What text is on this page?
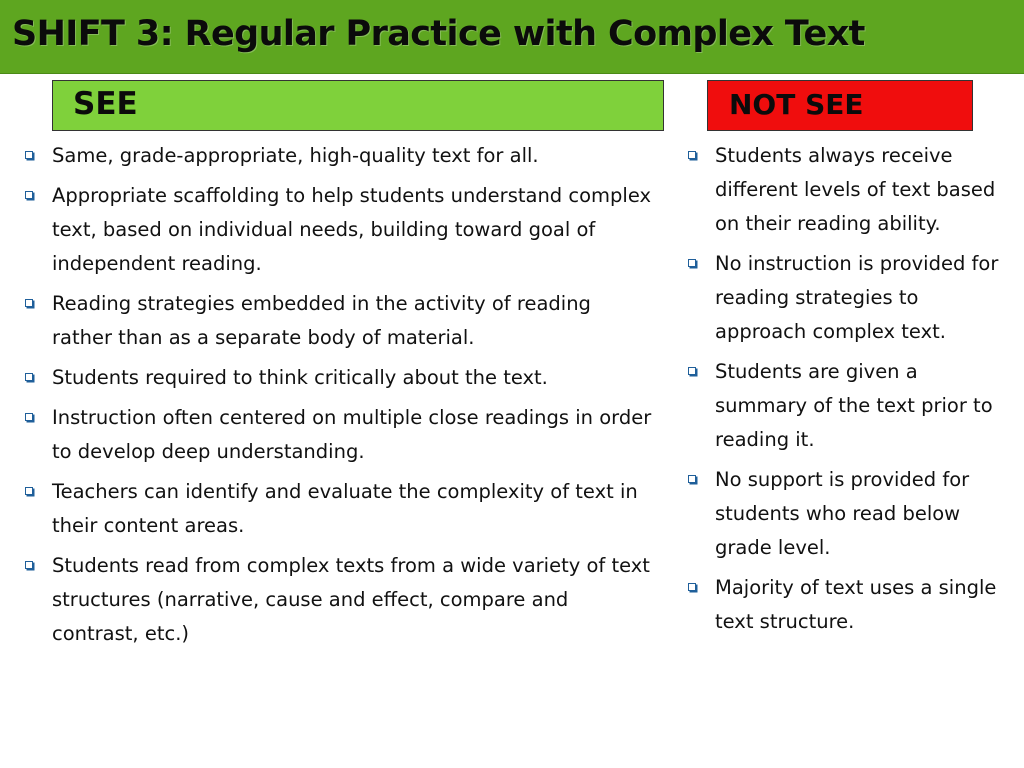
SHIFT 3: Regular Practice with Complex Text
SEE	NOT SEE
Same, grade-appropriate, high-quality text for all.
Appropriate scaffolding to help students understand complex text, based on individual needs, building toward goal of independent reading.
Reading strategies embedded in the activity of reading rather than as a separate body of material.
Students required to think critically about the text.
Instruction often centered on multiple close readings in order to develop deep understanding.
Teachers can identify and evaluate the complexity of text in their content areas.
Students read from complex texts from a wide variety of text structures (narrative, cause and effect, compare and contrast, etc.)
Students always receive different levels of text based on their reading ability.
No instruction is provided for reading strategies to approach complex text.
Students are given a summary of the text prior to reading it.
No support is provided for students who read below grade level.
Majority of text uses a single text structure.
